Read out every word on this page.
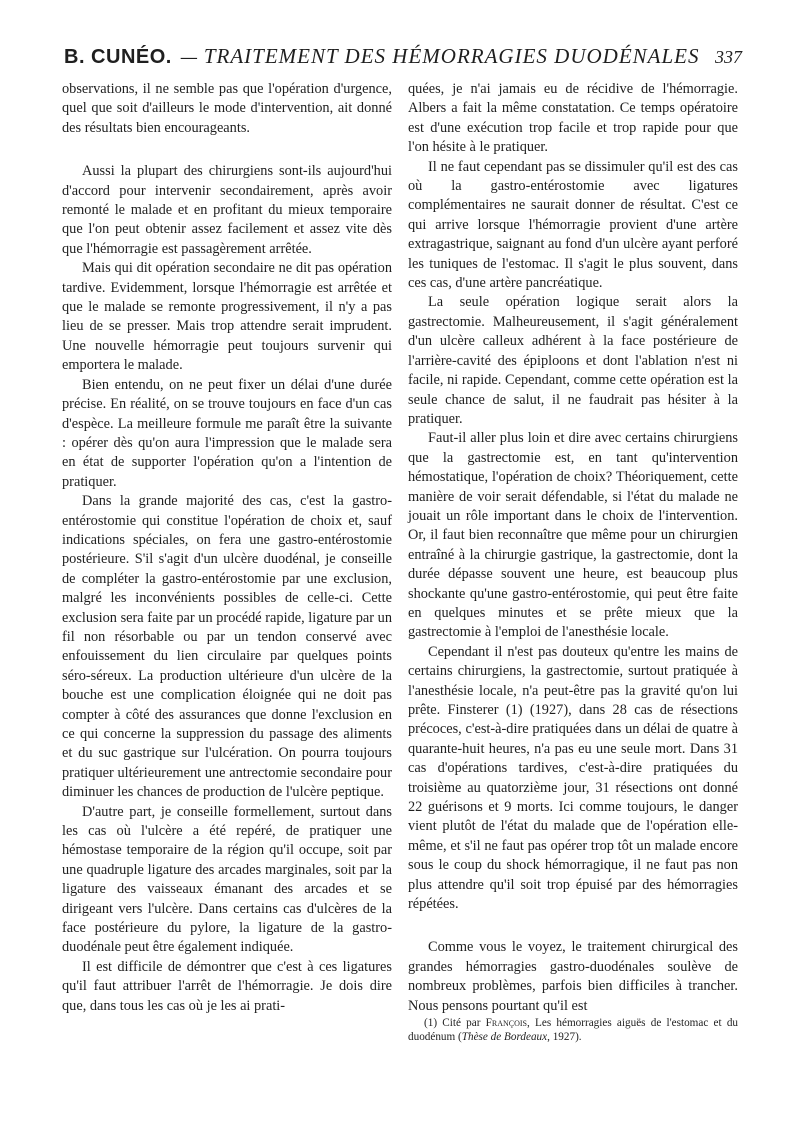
B. CUNÉO. — TRAITEMENT DES HÉMORRAGIES DUODÉNALES 337

observations, il ne semble pas que l'opération d'urgence, quel que soit d'ailleurs le mode d'intervention, ait donné des résultats bien encourageants.

Aussi la plupart des chirurgiens sont-ils aujourd'hui d'accord pour intervenir secondairement, après avoir remonté le malade et en profitant du mieux temporaire que l'on peut obtenir assez facilement et assez vite dès que l'hémorragie est passagèrement arrêtée.

Mais qui dit opération secondaire ne dit pas opération tardive. Evidemment, lorsque l'hémorragie est arrêtée et que le malade se remonte progressivement, il n'y a pas lieu de se presser. Mais trop attendre serait imprudent. Une nouvelle hémorragie peut toujours survenir qui emportera le malade.

Bien entendu, on ne peut fixer un délai d'une durée précise. En réalité, on se trouve toujours en face d'un cas d'espèce. La meilleure formule me paraît être la suivante : opérer dès qu'on aura l'impression que le malade sera en état de supporter l'opération qu'on a l'intention de pratiquer.

Dans la grande majorité des cas, c'est la gastro-entérostomie qui constitue l'opération de choix et, sauf indications spéciales, on fera une gastro-entérostomie postérieure. S'il s'agit d'un ulcère duodénal, je conseille de compléter la gastro-entérostomie par une exclusion, malgré les inconvénients possibles de celle-ci. Cette exclusion sera faite par un procédé rapide, ligature par un fil non résorbable ou par un tendon conservé avec enfouissement du lien circulaire par quelques points séro-séreux. La production ultérieure d'un ulcère de la bouche est une complication éloignée qui ne doit pas compter à côté des assurances que donne l'exclusion en ce qui concerne la suppression du passage des aliments et du suc gastrique sur l'ulcération. On pourra toujours pratiquer ultérieurement une antrectomie secondaire pour diminuer les chances de production de l'ulcère peptique.

D'autre part, je conseille formellement, surtout dans les cas où l'ulcère a été repéré, de pratiquer une hémostase temporaire de la région qu'il occupe, soit par une quadruple ligature des arcades marginales, soit par la ligature des vaisseaux émanant des arcades et se dirigeant vers l'ulcère. Dans certains cas d'ulcères de la face postérieure du pylore, la ligature de la gastro-duodénale peut être également indiquée.

Il est difficile de démontrer que c'est à ces ligatures qu'il faut attribuer l'arrêt de l'hémorragie. Je dois dire que, dans tous les cas où je les ai prati-

quées, je n'ai jamais eu de récidive de l'hémorragie. Albers a fait la même constatation. Ce temps opératoire est d'une exécution trop facile et trop rapide pour que l'on hésite à le pratiquer.

Il ne faut cependant pas se dissimuler qu'il est des cas où la gastro-entérostomie avec ligatures complémentaires ne saurait donner de résultat. C'est ce qui arrive lorsque l'hémorragie provient d'une artère extragastrique, saignant au fond d'un ulcère ayant perforé les tuniques de l'estomac. Il s'agit le plus souvent, dans ces cas, d'une artère pancréatique.

La seule opération logique serait alors la gastrectomie. Malheureusement, il s'agit généralement d'un ulcère calleux adhérent à la face postérieure de l'arrière-cavité des épiploons et dont l'ablation n'est ni facile, ni rapide. Cependant, comme cette opération est la seule chance de salut, il ne faudrait pas hésiter à la pratiquer.

Faut-il aller plus loin et dire avec certains chirurgiens que la gastrectomie est, en tant qu'intervention hémostatique, l'opération de choix? Théoriquement, cette manière de voir serait défendable, si l'état du malade ne jouait un rôle important dans le choix de l'intervention. Or, il faut bien reconnaître que même pour un chirurgien entraîné à la chirurgie gastrique, la gastrectomie, dont la durée dépasse souvent une heure, est beaucoup plus shockante qu'une gastro-entérostomie, qui peut être faite en quelques minutes et se prête mieux que la gastrectomie à l'emploi de l'anesthésie locale.

Cependant il n'est pas douteux qu'entre les mains de certains chirurgiens, la gastrectomie, surtout pratiquée à l'anesthésie locale, n'a peut-être pas la gravité qu'on lui prête. Finsterer (1) (1927), dans 28 cas de résections précoces, c'est-à-dire pratiquées dans un délai de quatre à quarante-huit heures, n'a pas eu une seule mort. Dans 31 cas d'opérations tardives, c'est-à-dire pratiquées du troisième au quatorzième jour, 31 résections ont donné 22 guérisons et 9 morts. Ici comme toujours, le danger vient plutôt de l'état du malade que de l'opération elle-même, et s'il ne faut pas opérer trop tôt un malade encore sous le coup du shock hémorragique, il ne faut pas non plus attendre qu'il soit trop épuisé par des hémorragies répétées.

Comme vous le voyez, le traitement chirurgical des grandes hémorragies gastro-duodénales soulève de nombreux problèmes, parfois bien difficiles à trancher. Nous pensons pourtant qu'il est

(1) Cité par François, Les hémorragies aiguës de l'estomac et du duodénum (Thèse de Bordeaux, 1927).
